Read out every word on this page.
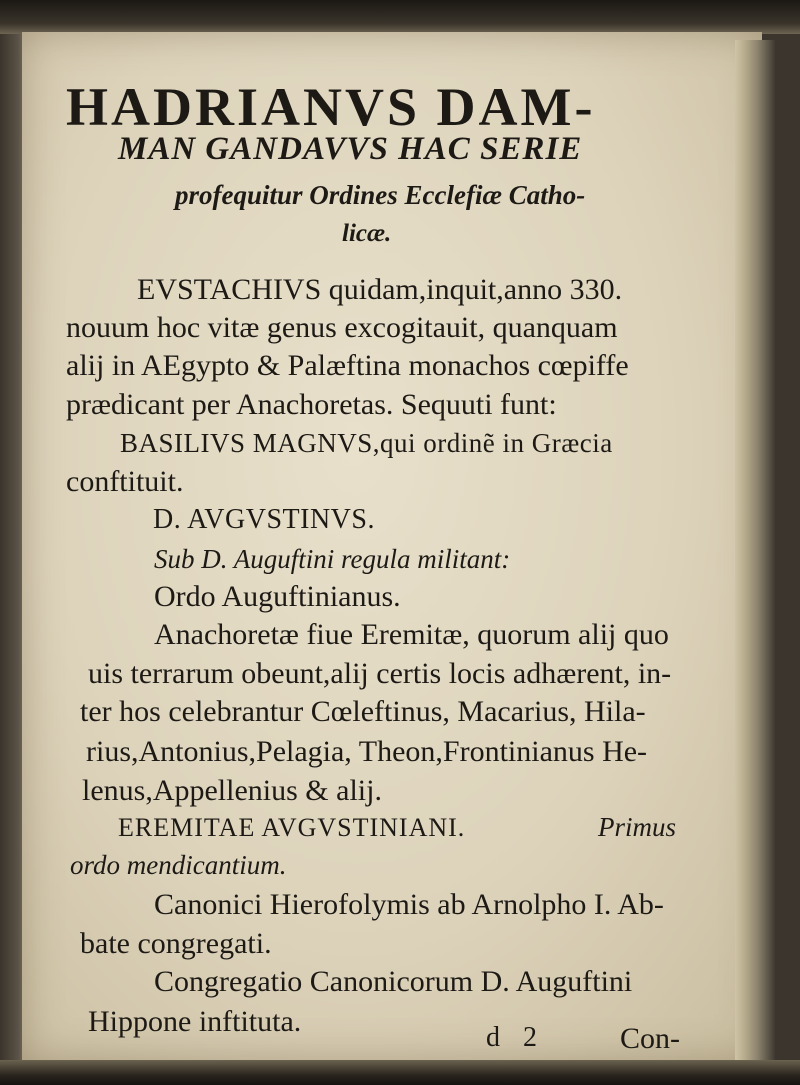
HADRIANVS DAM-
MAN GANDAVVS HAC SERIE
profequitur Ordines Ecclefiæ Catho-
licæ.
EVSTACHIVS quidam,inquit,anno 330.
nouum hoc vitæ genus excogitauit, quanquam
alij in AEgypto & Palæftina monachos cœpiffe
prædicant per Anachoretas. Sequuti funt:
BASILIVS MAGNVS,qui ordinẽ in Græcia
conftituit.
D. AVGVSTINVS.
Sub D. Auguftini regula militant:
Ordo Auguftinianus.
Anachoretæ fiue Eremitæ, quorum alij quo
uis terrarum obeunt,alij certis locis adhærent, in-
ter hos celebrantur Cœleftinus, Macarius, Hila-
rius,Antonius,Pelagia, Theon,Frontinianus He-
lenus,Appellenius & alij.
EREMITAE AVGVSTINIANI.	Primus
ordo mendicantium.
Canonici Hierofolymis ab Arnolpho I. Ab-
bate congregati.
Congregatio Canonicorum D. Auguftini
Hippone inftituta.	d 2	Con-
